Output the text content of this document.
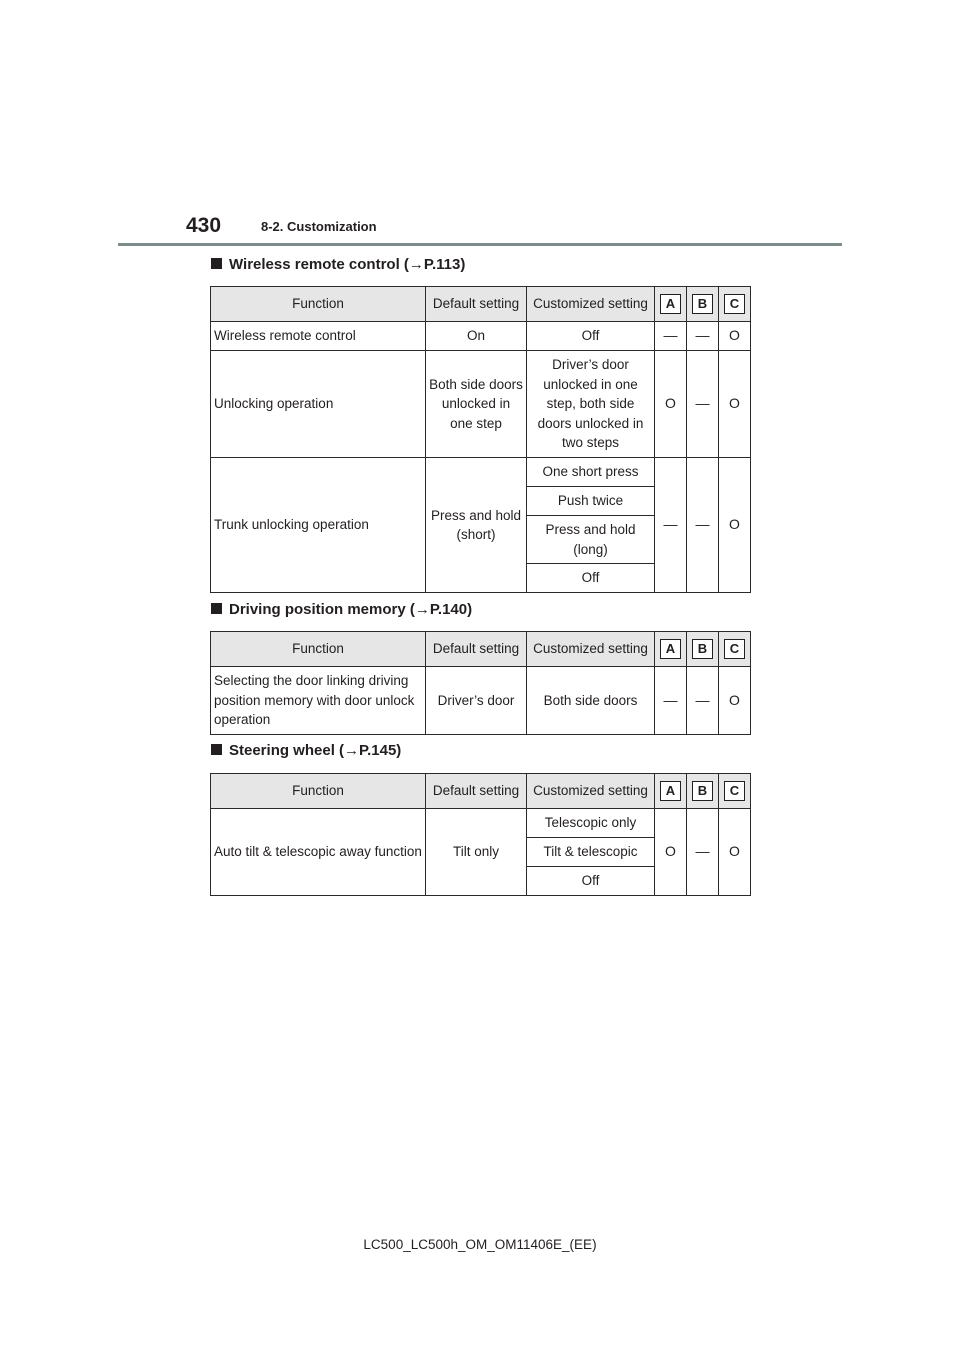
430	8-2. Customization
Wireless remote control (→P.113)
Function	Default setting	Customized setting	A	B	C
Wireless remote control	On	Off	—	—	O
Unlocking operation	Both side doors unlocked in one step	Driver’s door unlocked in one step, both side doors unlocked in two steps	O	—	O
Trunk unlocking operation	Press and hold (short)	One short press	—	—	O
		Push twice			
		Press and hold (long)			
		Off			
Driving position memory (→P.140)
Function	Default setting	Customized setting	A	B	C
Selecting the door linking driving position memory with door unlock operation	Driver’s door	Both side doors	—	—	O
Steering wheel (→P.145)
Function	Default setting	Customized setting	A	B	C
Auto tilt & telescopic away function	Tilt only	Telescopic only	O	—	O
		Tilt & telescopic			
		Off			
LC500_LC500h_OM_OM11406E_(EE)
